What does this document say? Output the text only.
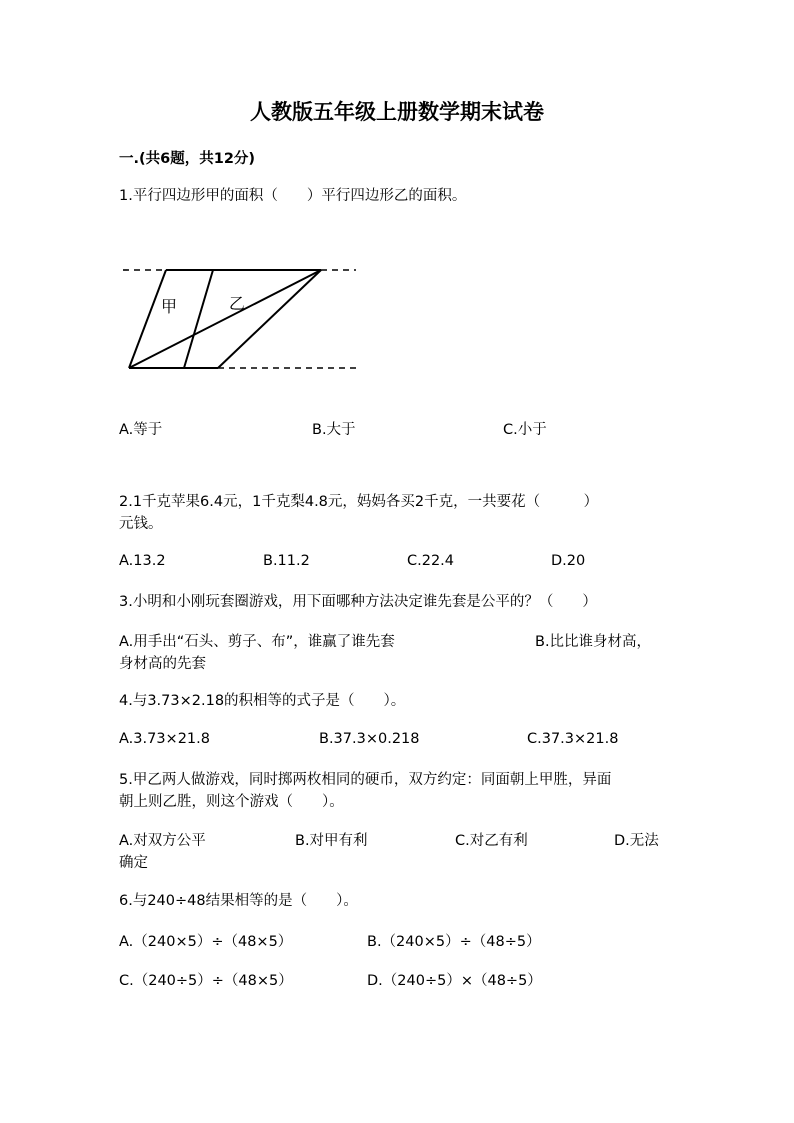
人教版五年级上册数学期末试卷
一.(共6题，共12分)
1.平行四边形甲的面积（　　）平行四边形乙的面积。
甲	乙
A.等于	B.大于	C.小于
2.1千克苹果6.4元，1千克梨4.8元，妈妈各买2千克，一共要花（　　　）
元钱。
A.13.2	B.11.2	C.22.4	D.20
3.小明和小刚玩套圈游戏，用下面哪种方法决定谁先套是公平的？（　　）
A.用手出“石头、剪子、布”，谁赢了谁先套	B.比比谁身材高，
身材高的先套
4.与3.73×2.18的积相等的式子是（　　）。
A.3.73×21.8	B.37.3×0.218	C.37.3×21.8
5.甲乙两人做游戏，同时掷两枚相同的硬币，双方约定：同面朝上甲胜，异面
朝上则乙胜，则这个游戏（　　）。
A.对双方公平	B.对甲有利	C.对乙有利	D.无法
确定
6.与240÷48结果相等的是（　　）。
A.（240×5）÷（48×5）	B.（240×5）÷（48÷5）
C.（240÷5）÷（48×5）	D.（240÷5）×（48÷5）
